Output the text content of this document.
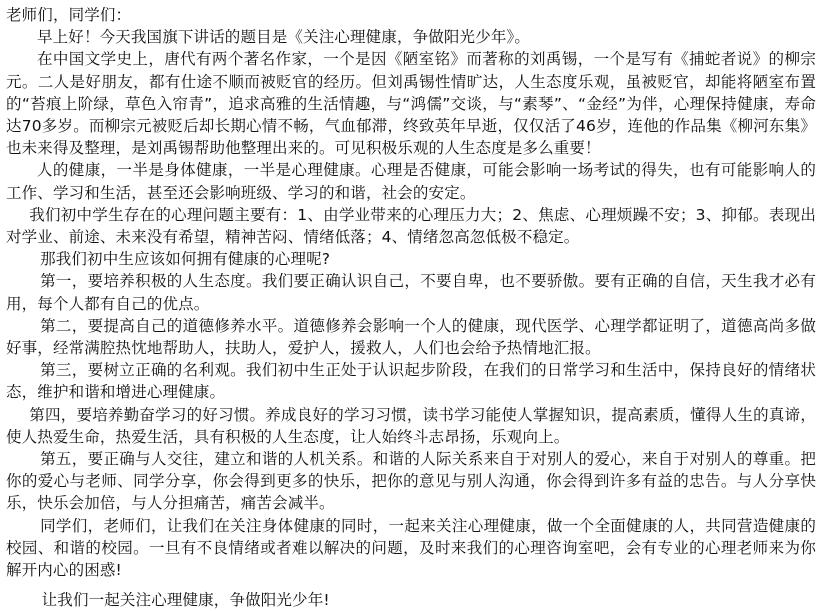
老师们，同学们：

早上好！今天我国旗下讲话的题目是《关注心理健康，争做阳光少年》。

在中国文学史上，唐代有两个著名作家，一个是因《陋室铭》而著称的刘禹锡，一个是写有《捕蛇者说》的柳宗元。二人是好朋友，都有仕途不顺而被贬官的经历。但刘禹锡性情旷达，人生态度乐观，虽被贬官，却能将陋室布置的“苔痕上阶绿，草色入帘青”，追求高雅的生活情趣，与“鸿儒”交谈，与“素琴”、“金经”为伴，心理保持健康，寿命达70多岁。而柳宗元被贬后却长期心情不畅，气血郁滞，终致英年早逝，仅仅活了46岁，连他的作品集《柳河东集》也未来得及整理，是刘禹锡帮助他整理出来的。可见积极乐观的人生态度是多么重要！

人的健康，一半是身体健康，一半是心理健康。心理是否健康，可能会影响一场考试的得失，也有可能影响人的工作、学习和生活，甚至还会影响班级、学习的和谐，社会的安定。

我们初中学生存在的心理问题主要有：1、由学业带来的心理压力大；2、焦虑、心理烦躁不安；3、抑郁。表现出对学业、前途、未来没有希望，精神苦闷、情绪低落；4、情绪忽高忽低极不稳定。

那我们初中生应该如何拥有健康的心理呢?

第一，要培养积极的人生态度。我们要正确认识自己，不要自卑，也不要骄傲。要有正确的自信，天生我才必有用，每个人都有自己的优点。

第二，要提高自己的道德修养水平。道德修养会影响一个人的健康，现代医学、心理学都证明了，道德高尚多做好事，经常满腔热忱地帮助人，扶助人，爱护人，援救人，人们也会给予热情地汇报。

第三，要树立正确的名利观。我们初中生正处于认识起步阶段，在我们的日常学习和生活中，保持良好的情绪状态，维护和谐和增进心理健康。

第四，要培养勤奋学习的好习惯。养成良好的学习习惯，读书学习能使人掌握知识，提高素质，懂得人生的真谛，使人热爱生命，热爱生活，具有积极的人生态度，让人始终斗志昂扬，乐观向上。

第五，要正确与人交往，建立和谐的人机关系。和谐的人际关系来自于对别人的爱心，来自于对别人的尊重。把你的爱心与老师、同学分享，你会得到更多的快乐，把你的意见与别人沟通，你会得到许多有益的忠告。与人分享快乐，快乐会加倍，与人分担痛苦，痛苦会减半。

同学们，老师们，让我们在关注身体健康的同时，一起来关注心理健康，做一个全面健康的人，共同营造健康的校园、和谐的校园。一旦有不良情绪或者难以解决的问题，及时来我们的心理咨询室吧，会有专业的心理老师来为你解开内心的困惑!

让我们一起关注心理健康，争做阳光少年!
